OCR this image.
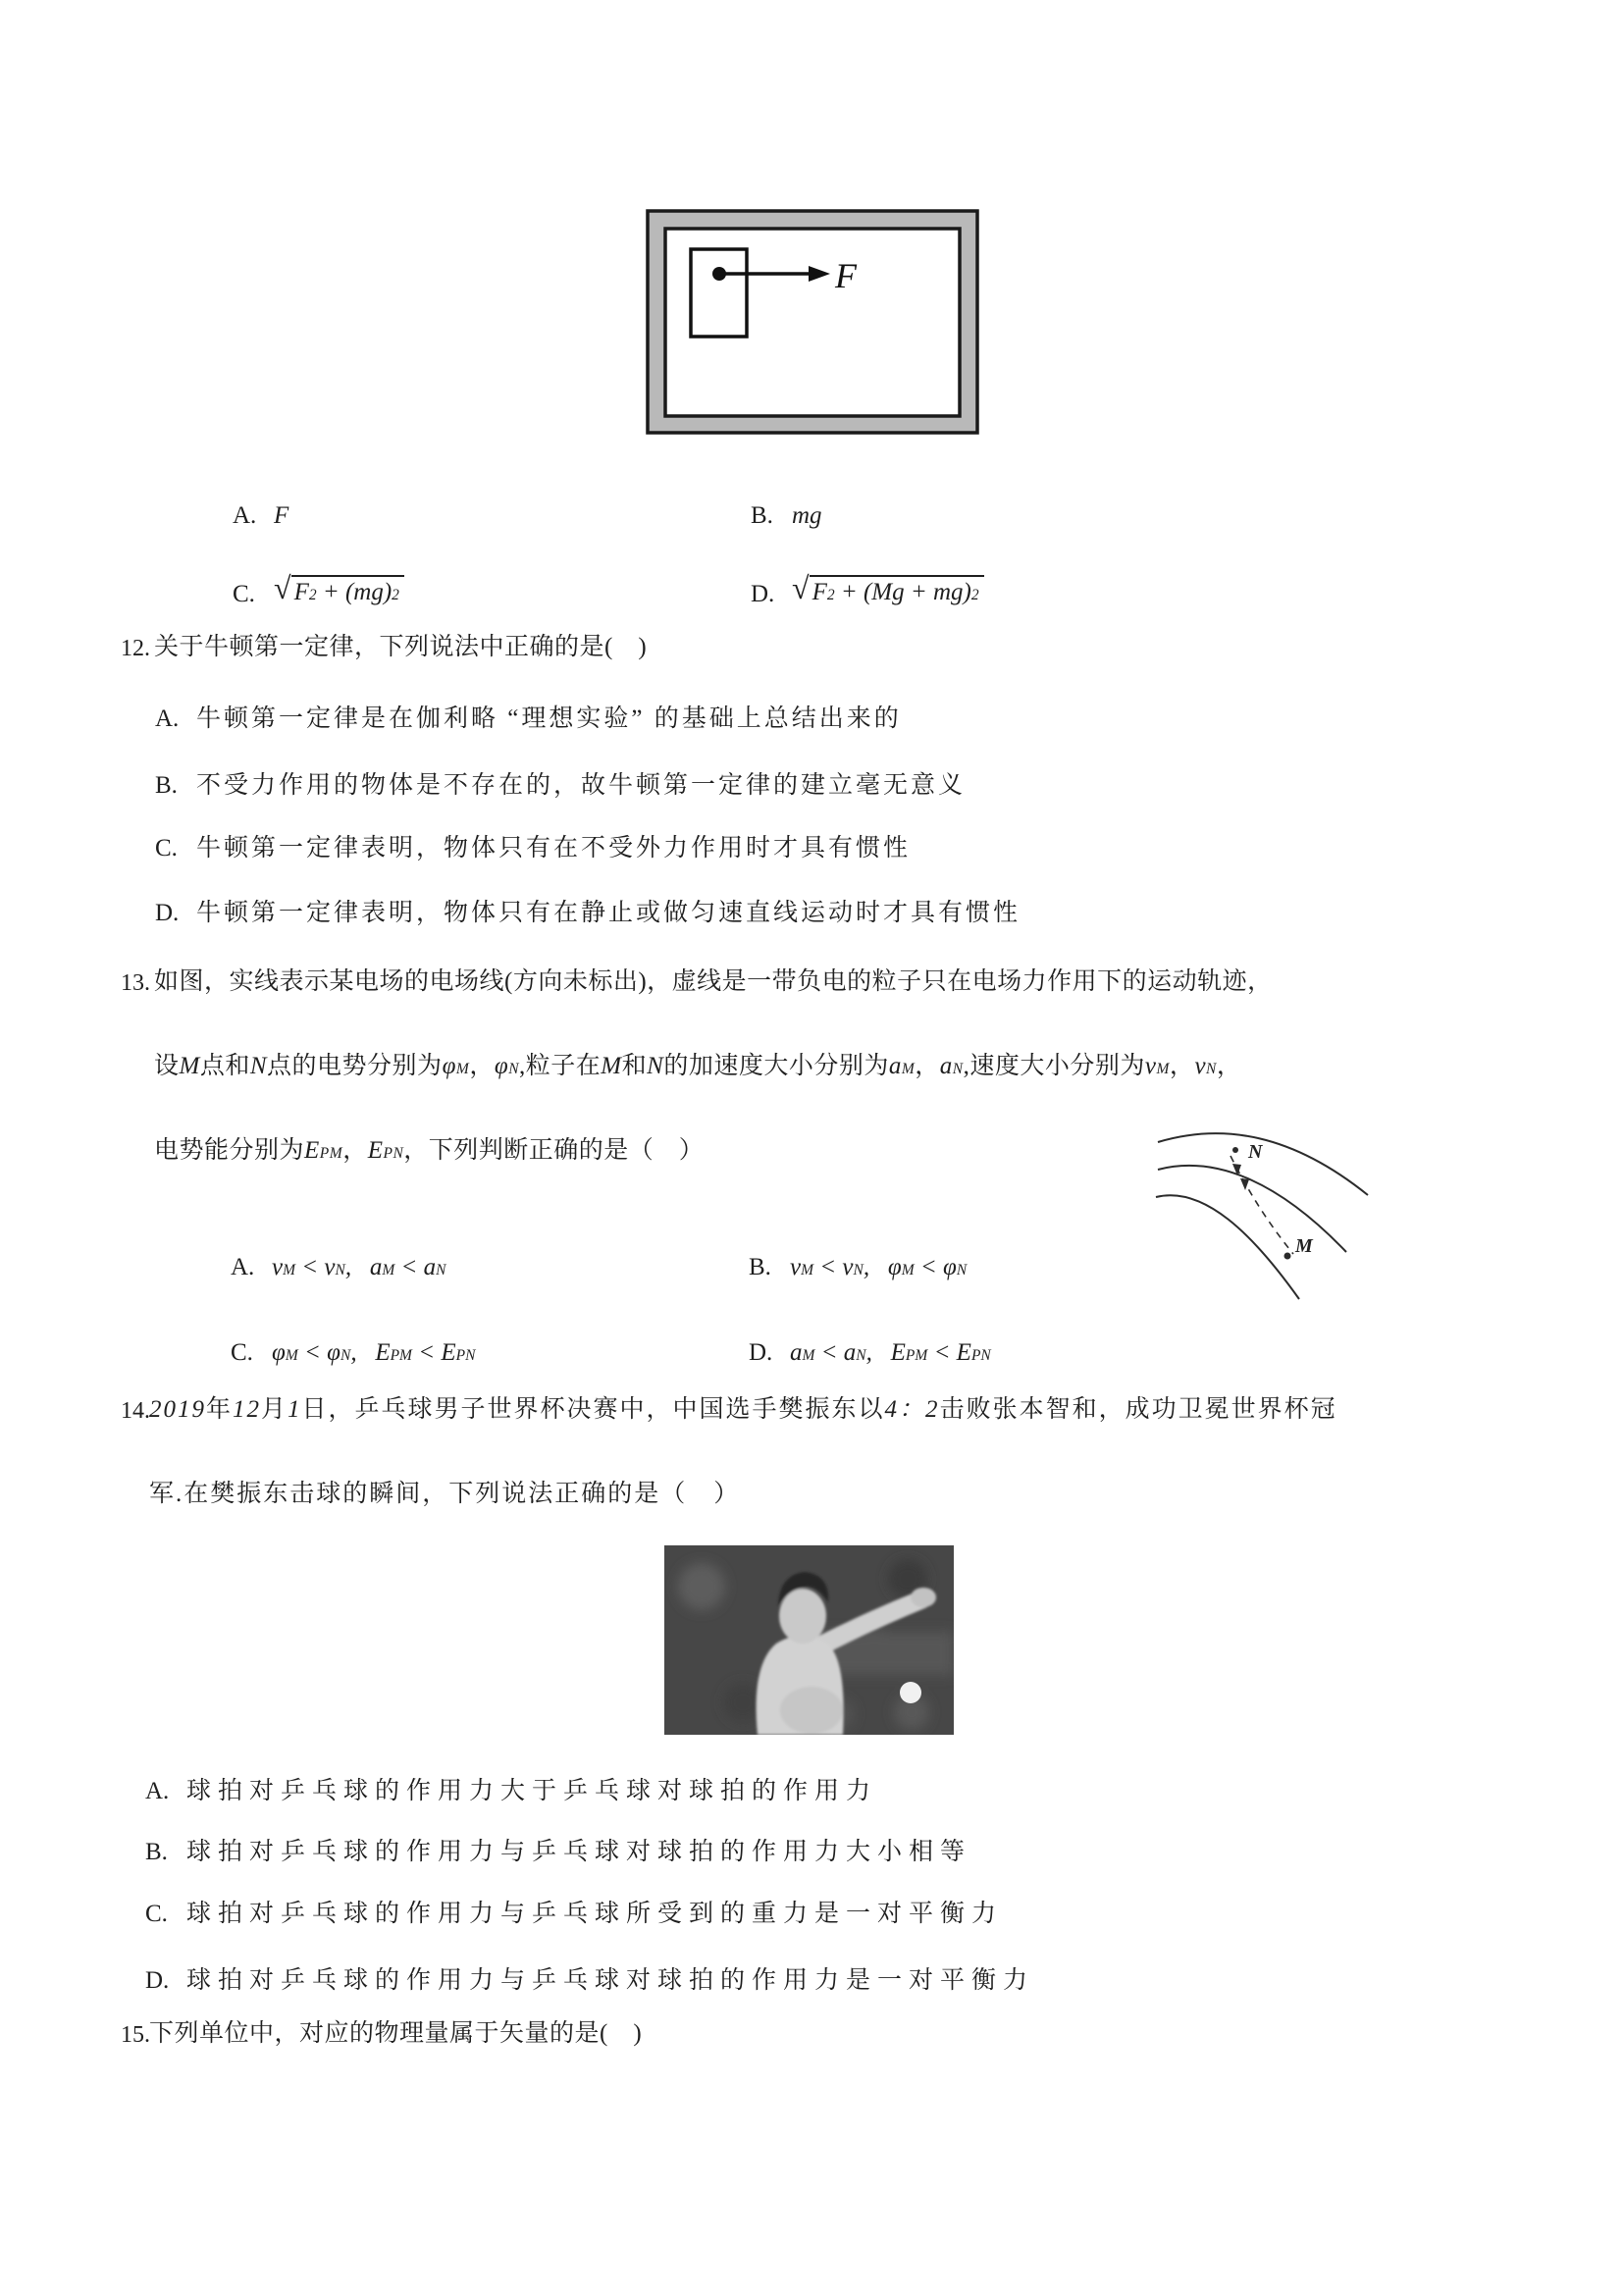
F

A. F
	B. mg

C. √ $F^2 + (mg)^2$

	D. √ $F^2 + (Mg + mg)^2$

12. 关于牛顿第一定律，下列说法中正确的是(　)
A. 牛顿第一定律是在伽利略 “理想实验” 的基础上总结出来的
B. 不受力作用的物体是不存在的，故牛顿第一定律的建立毫无意义
C. 牛顿第一定律表明，物体只有在不受外力作用时才具有惯性
D. 牛顿第一定律表明，物体只有在静止或做匀速直线运动时才具有惯性
13. 如图，实线表示某电场的电场线(方向未标出)，虚线是一带负电的粒子只在电场力作用下的运动轨迹，
设M点和N点的电势分别为$\varphi_M$，$\varphi_N$,粒子在M和N的加速度大小分别为$a_M$，$a_N$,速度大小分别为$v_M$，$v_N$，
电势能分别为$E_{PM}$，$E_{PN}$，下列判断正确的是（　）	N
M

A. $v_M < v_N$,   $a_M < a_N$
	B. $v_M < v_N$,   $\varphi_M < \varphi_N$

C. $\varphi_M < \varphi_N$,   $E_{PM} < E_{PN}$
	D. $a_M < a_N$,   $E_{PM} < E_{PN}$

14. 2019年12月1日，乒乓球男子世界杯决赛中，中国选手樊振东以4：2击败张本智和，成功卫冕世界杯冠
军.在樊振东击球的瞬间，下列说法正确的是（　）
A. 球拍对乒乓球的作用力大于乒乓球对球拍的作用力
B. 球拍对乒乓球的作用力与乒乓球对球拍的作用力大小相等
C. 球拍对乒乓球的作用力与乒乓球所受到的重力是一对平衡力
D. 球拍对乒乓球的作用力与乒乓球对球拍的作用力是一对平衡力
15. 下列单位中，对应的物理量属于矢量的是(　)
